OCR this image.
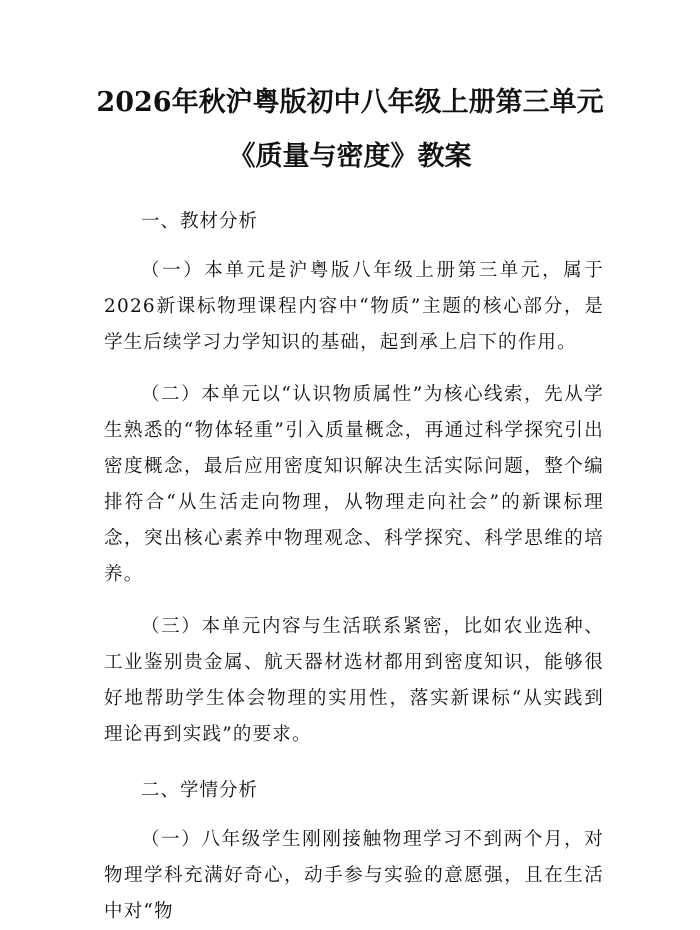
2026年秋沪粤版初中八年级上册第三单元
《质量与密度》教案

一、教材分析

（一）本单元是沪粤版八年级上册第三单元，属于2026新课标物理课程内容中“物质”主题的核心部分，是学生后续学习力学知识的基础，起到承上启下的作用。

（二）本单元以“认识物质属性”为核心线索，先从学生熟悉的“物体轻重”引入质量概念，再通过科学探究引出密度概念，最后应用密度知识解决生活实际问题，整个编排符合“从生活走向物理，从物理走向社会”的新课标理念，突出核心素养中物理观念、科学探究、科学思维的培养。

（三）本单元内容与生活联系紧密，比如农业选种、工业鉴别贵金属、航天器材选材都用到密度知识，能够很好地帮助学生体会物理的实用性，落实新课标“从实践到理论再到实践”的要求。

二、学情分析

（一）八年级学生刚刚接触物理学习不到两个月，对物理学科充满好奇心，动手参与实验的意愿强，且在生活中对“物
